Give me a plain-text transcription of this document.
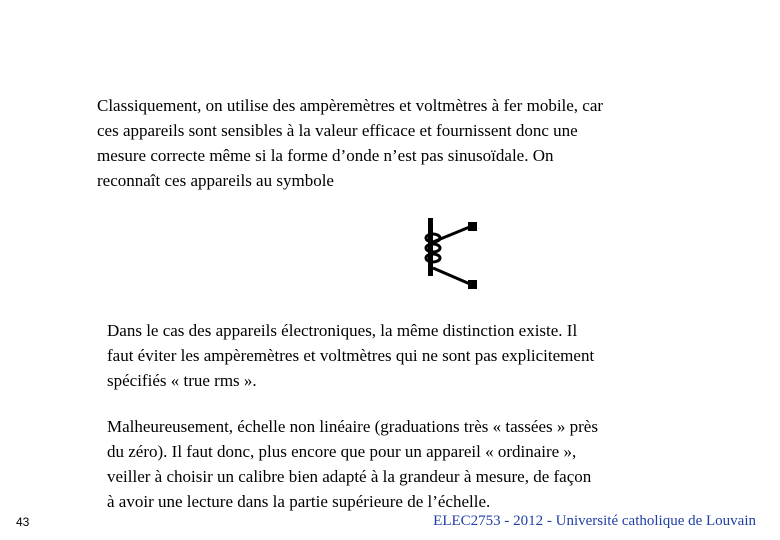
Classiquement, on utilise des ampèremètres et voltmètres à fer mobile, car
ces appareils sont sensibles à la valeur efficace et fournissent donc une
mesure correcte même si la forme d’onde n’est pas sinusoïdale. On
reconnaît ces appareils au symbole
Dans le cas des appareils électroniques, la même distinction existe. Il
faut éviter les ampèremètres et voltmètres qui ne sont pas explicitement
spécifiés « true rms ».
Malheureusement, échelle non linéaire (graduations très « tassées » près
du zéro). Il faut donc, plus encore que pour un appareil « ordinaire »,
veiller à choisir un calibre bien adapté à la grandeur à mesure, de façon
à avoir une lecture dans la partie supérieure de l’échelle.
43	ELEC2753 - 2012 - Université catholique de Louvain
